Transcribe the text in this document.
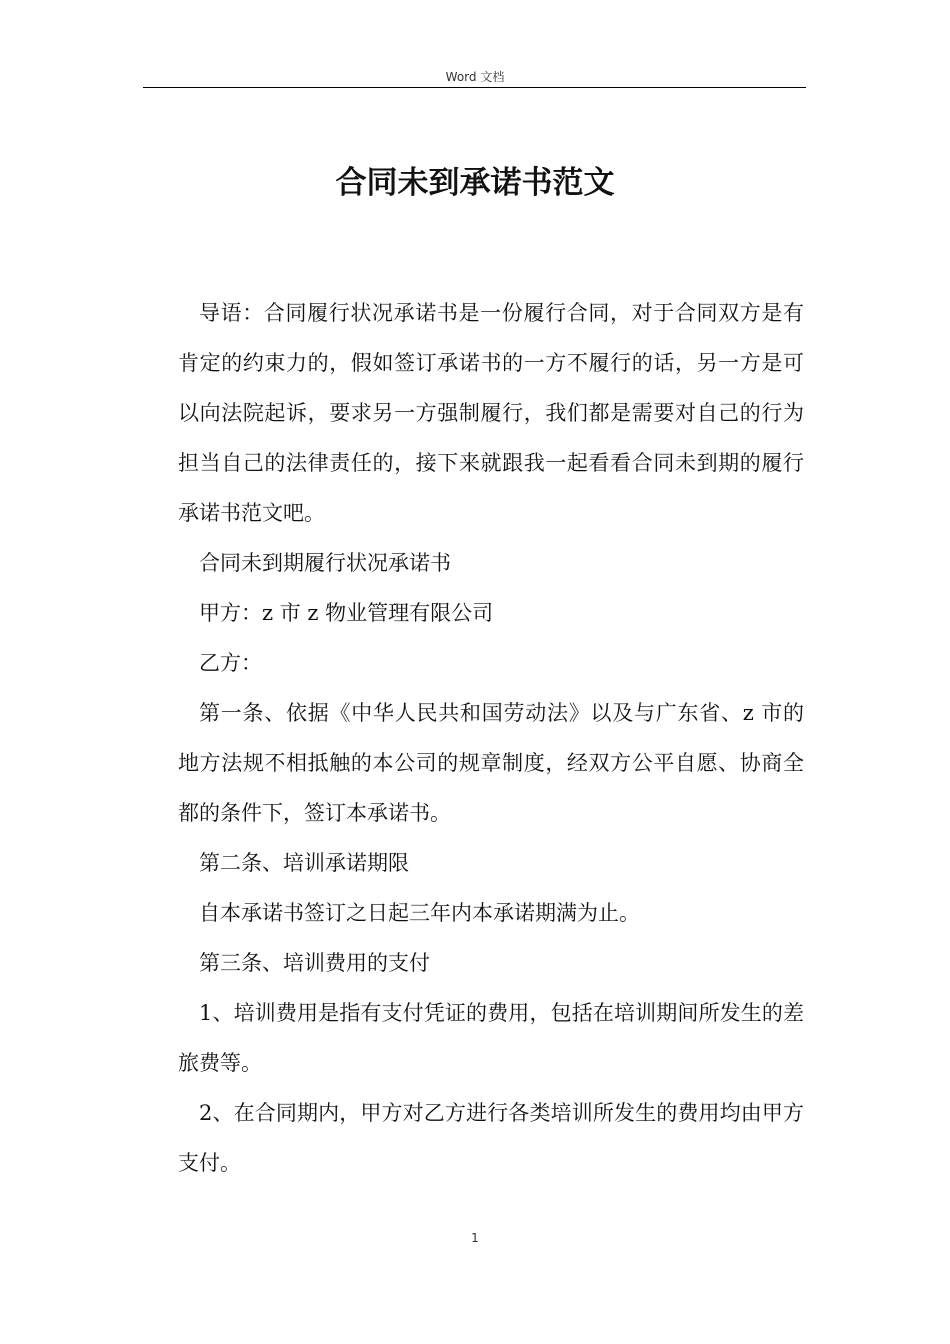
Word 文档
合同未到承诺书范文

导语：合同履行状况承诺书是一份履行合同，对于合同双方是有肯定的约束力的，假如签订承诺书的一方不履行的话，另一方是可以向法院起诉，要求另一方强制履行，我们都是需要对自己的行为担当自己的法律责任的，接下来就跟我一起看看合同未到期的履行承诺书范文吧。

合同未到期履行状况承诺书

甲方：z 市 z 物业管理有限公司

乙方：

第一条、依据《中华人民共和国劳动法》以及与广东省、z 市的地方法规不相抵触的本公司的规章制度，经双方公平自愿、协商全都的条件下，签订本承诺书。

第二条、培训承诺期限

自本承诺书签订之日起三年内本承诺期满为止。

第三条、培训费用的支付

1、培训费用是指有支付凭证的费用，包括在培训期间所发生的差旅费等。

2、在合同期内，甲方对乙方进行各类培训所发生的费用均由甲方支付。

1
